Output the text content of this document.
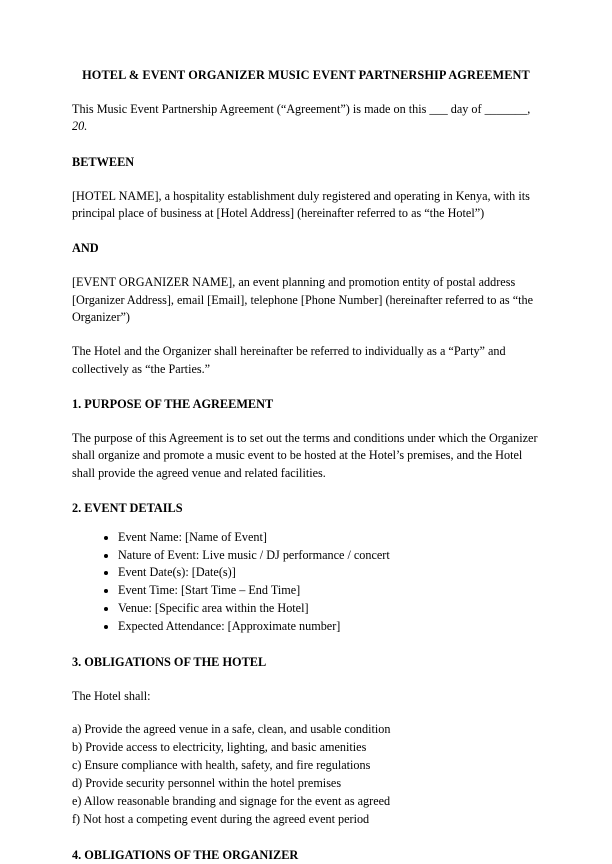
HOTEL & EVENT ORGANIZER MUSIC EVENT PARTNERSHIP AGREEMENT

This Music Event Partnership Agreement (“Agreement”) is made on this ___ day of _______, 20.

BETWEEN

[HOTEL NAME], a hospitality establishment duly registered and operating in Kenya, with its principal place of business at [Hotel Address] (hereinafter referred to as “the Hotel”)

AND

[EVENT ORGANIZER NAME], an event planning and promotion entity of postal address [Organizer Address], email [Email], telephone [Phone Number] (hereinafter referred to as “the Organizer”)

The Hotel and the Organizer shall hereinafter be referred to individually as a “Party” and collectively as “the Parties.”

1. PURPOSE OF THE AGREEMENT

The purpose of this Agreement is to set out the terms and conditions under which the Organizer shall organize and promote a music event to be hosted at the Hotel’s premises, and the Hotel shall provide the agreed venue and related facilities.

2. EVENT DETAILS
• Event Name: [Name of Event]
• Nature of Event: Live music / DJ performance / concert
• Event Date(s): [Date(s)]
• Event Time: [Start Time – End Time]
• Venue: [Specific area within the Hotel]
• Expected Attendance: [Approximate number]
3. OBLIGATIONS OF THE HOTEL

The Hotel shall:

a) Provide the agreed venue in a safe, clean, and usable condition
b) Provide access to electricity, lighting, and basic amenities
c) Ensure compliance with health, safety, and fire regulations
d) Provide security personnel within the hotel premises
e) Allow reasonable branding and signage for the event as agreed
f) Not host a competing event during the agreed event period
4. OBLIGATIONS OF THE ORGANIZER
